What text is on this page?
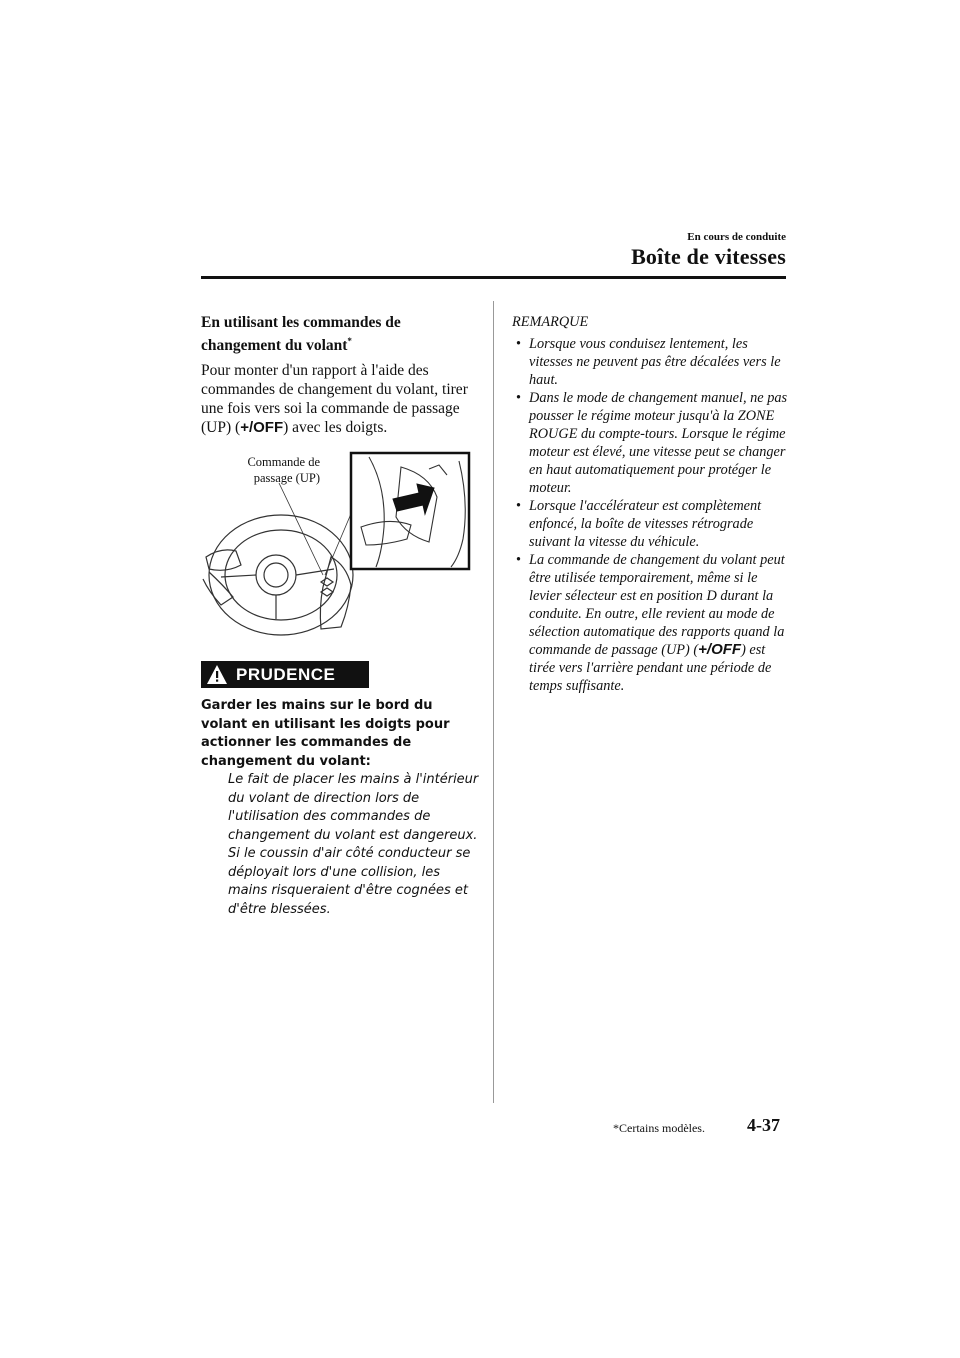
En cours de conduite
Boîte de vitesses

En utilisant les commandes de changement du volant*

Pour monter d'un rapport à l'aide des commandes de changement du volant, tirer une fois vers soi la commande de passage (UP) (+/OFF) avec les doigts.

Commande de passage (UP)
PRUDENCE

Garder les mains sur le bord du volant en utilisant les doigts pour actionner les commandes de changement du volant:

Le fait de placer les mains à l'intérieur du volant de direction lors de l'utilisation des commandes de changement du volant est dangereux. Si le coussin d'air côté conducteur se déployait lors d'une collision, les mains risqueraient d'être cognées et d'être blessées.

REMARQUE

• Lorsque vous conduisez lentement, les vitesses ne peuvent pas être décalées vers le haut.

• Dans le mode de changement manuel, ne pas pousser le régime moteur jusqu'à la ZONE ROUGE du compte-tours. Lorsque le régime moteur est élevé, une vitesse peut se changer en haut automatiquement pour protéger le moteur.

• Lorsque l'accélérateur est complètement enfoncé, la boîte de vitesses rétrograde suivant la vitesse du véhicule.

• La commande de changement du volant peut être utilisée temporairement, même si le levier sélecteur est en position D durant la conduite. En outre, elle revient au mode de sélection automatique des rapports quand la commande de passage (UP) (+/OFF) est tirée vers l'arrière pendant une période de temps suffisante.

*Certains modèles. 4-37
